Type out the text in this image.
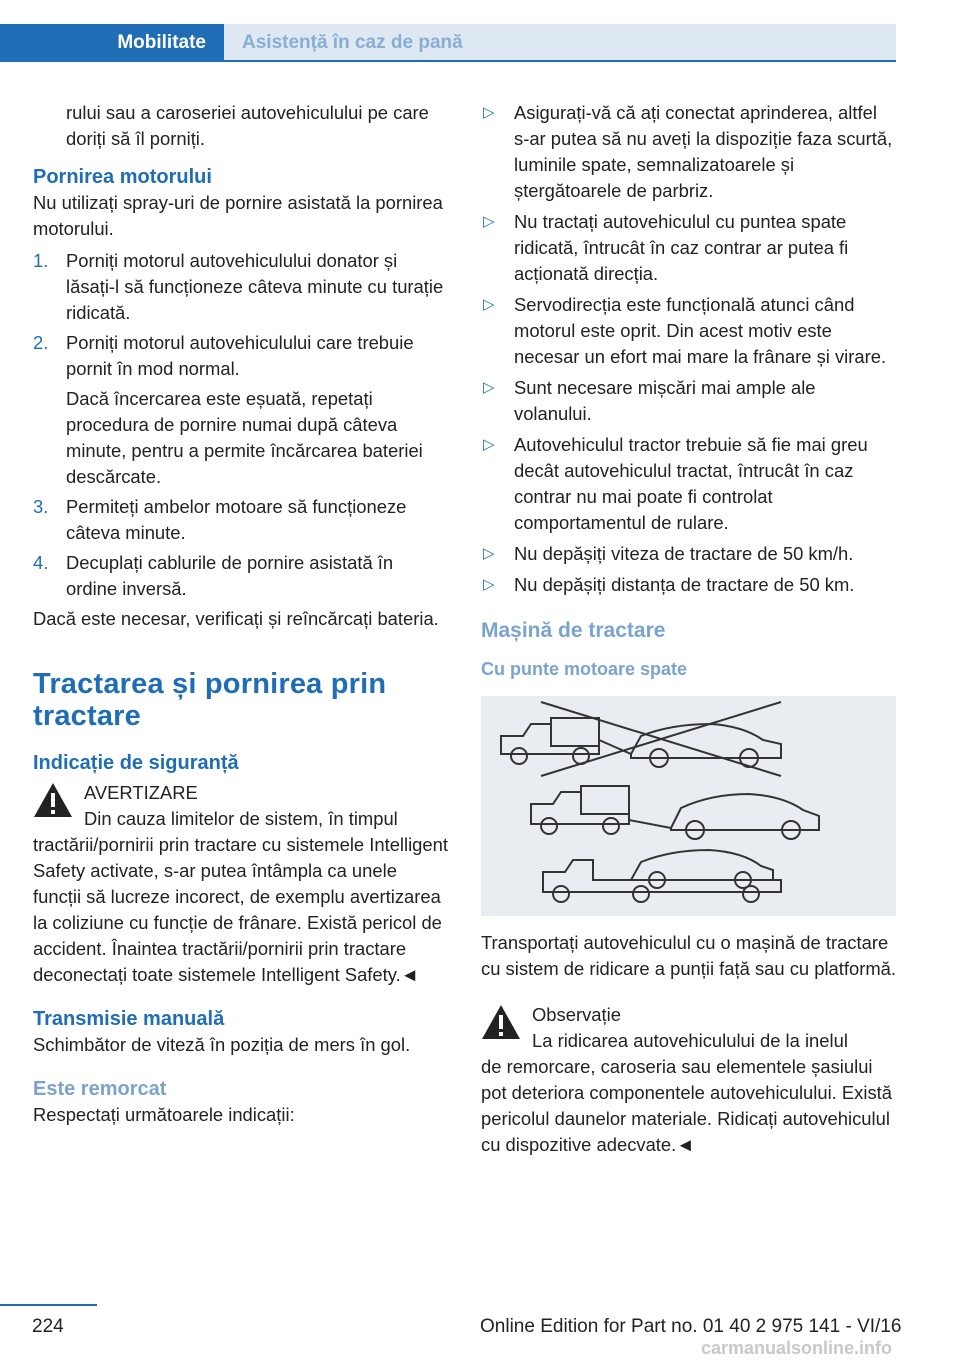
Mobilitate	Asistență în caz de pană

rului sau a caroseriei autovehiculului pe care doriți să îl porniți.

Pornirea motorului

Nu utilizați spray-uri de pornire asistată la pornirea motorului.

1. Porniți motorul autovehiculului donator și lăsați-l să funcționeze câteva minute cu turație ridicată.

2. Porniți motorul autovehiculului care trebuie pornit în mod normal.

Dacă încercarea este eșuată, repetați procedura de pornire numai după câteva minute, pentru a permite încărcarea bateriei descărcate.

3. Permiteți ambelor motoare să funcționeze câteva minute.

4. Decuplați cablurile de pornire asistată în ordine inversă.

Dacă este necesar, verificați și reîncărcați bateria.

Tractarea și pornirea prin tractare
Indicație de siguranță

AVERTIZARE

Din cauza limitelor de sistem, în timpul

tractării/pornirii prin tractare cu sistemele Intelligent Safety activate, s-ar putea întâmpla ca unele funcții să lucreze incorect, de exemplu avertizarea la coliziune cu funcție de frânare. Există pericol de accident. Înaintea tractării/pornirii prin tractare deconectați toate sistemele Intelligent Safety.◄

Transmisie manuală

Schimbător de viteză în poziția de mers în gol.

Este remorcat

Respectați următoarele indicații:

▷	Asigurați-vă că ați conectat aprinderea, altfel s-ar putea să nu aveți la dispoziție faza scurtă, luminile spate, semnalizatoarele și ștergătoarele de parbriz.

▷	Nu tractați autovehiculul cu puntea spate ridicată, întrucât în caz contrar ar putea fi acționată direcția.

▷	Servodirecția este funcțională atunci când motorul este oprit. Din acest motiv este necesar un efort mai mare la frânare și virare.

▷	Sunt necesare mișcări mai ample ale volanului.

▷	Autovehiculul tractor trebuie să fie mai greu decât autovehiculul tractat, întrucât în caz contrar nu mai poate fi controlat comportamentul de rulare.

▷	Nu depășiți viteza de tractare de 50 km/h.

▷	Nu depășiți distanța de tractare de 50 km.

Mașină de tractare
Cu punte motoare spate

Transportați autovehiculul cu o mașină de tractare cu sistem de ridicare a punții față sau cu platformă.

Observație

La ridicarea autovehiculului de la inelul

de remorcare, caroseria sau elementele șasiului pot deteriora componentele autovehiculului. Există pericolul daunelor materiale. Ridicați autovehiculul cu dispozitive adecvate.◄

224	Online Edition for Part no. 01 40 2 975 141 - VI/16
carmanualsonline.info
